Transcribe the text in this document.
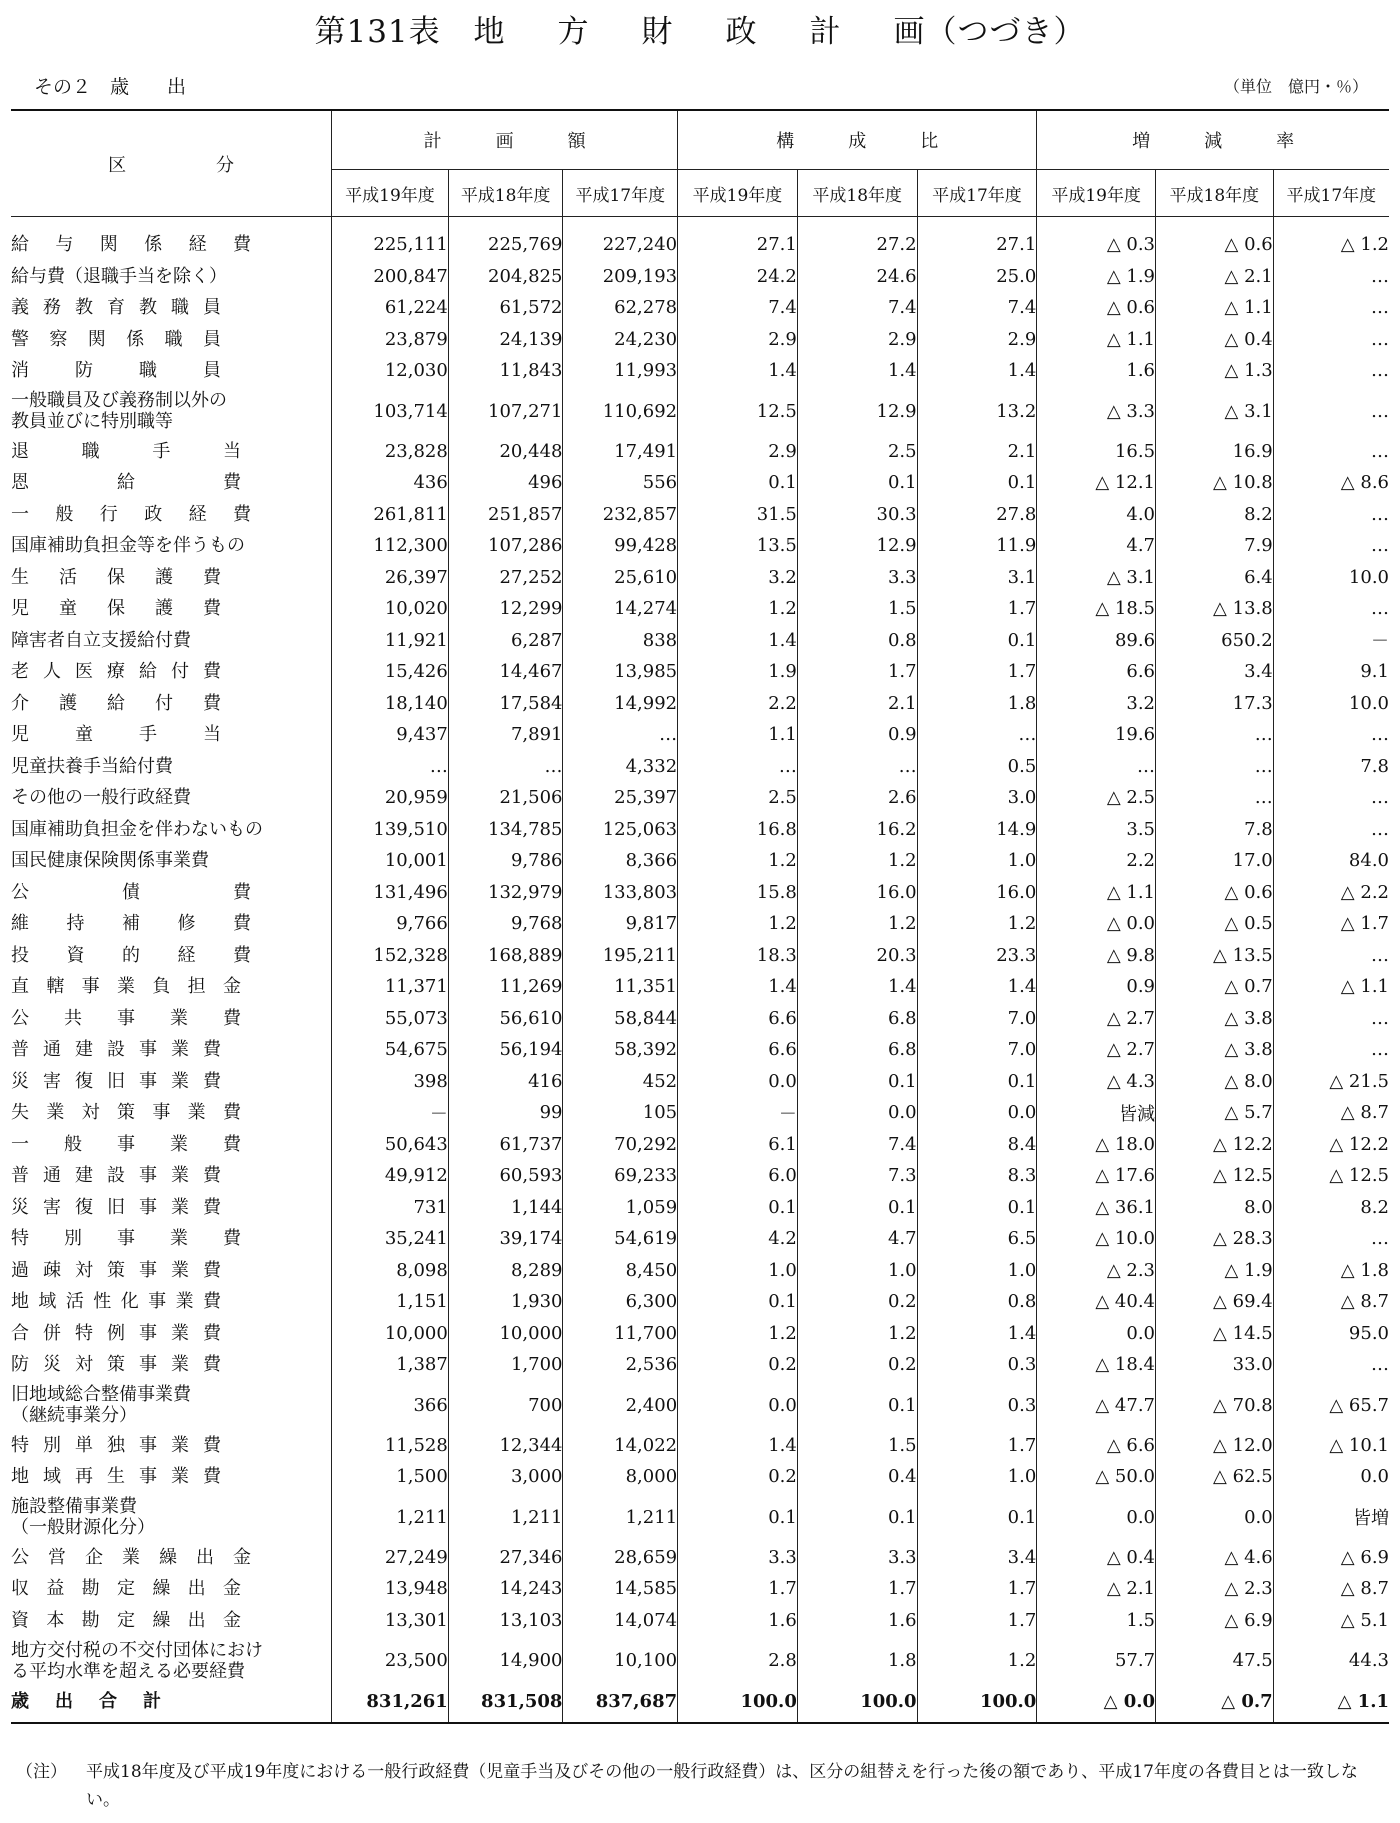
第131表 地 方 財 政 計 画（つづき）
その２　歳　　出	（単位　億円・％）
区　　　　　分	計　　　画　　　額			構　　　成　　　比			増　　　減　　　率		
	平成19年度	平成18年度	平成17年度	平成19年度	平成18年度	平成17年度	平成19年度	平成18年度	平成17年度

給与関係経費	225,111	225,769	227,240	27.1	27.2	27.1	△ 0.3	△ 0.6	△ 1.2

給与費（退職手当を除く）	200,847	204,825	209,193	24.2	24.6	25.0	△ 1.9	△ 2.1	…

義務教育教職員	61,224	61,572	62,278	7.4	7.4	7.4	△ 0.6	△ 1.1	…

警察関係職員	23,879	24,139	24,230	2.9	2.9	2.9	△ 1.1	△ 0.4	…

消防職員	12,030	11,843	11,993	1.4	1.4	1.4	1.6	△ 1.3	…

一般職員及び義務制以外の
教員並びに特別職等	103,714	107,271	110,692	12.5	12.9	13.2	△ 3.3	△ 3.1	…

退職手当	23,828	20,448	17,491	2.9	2.5	2.1	16.5	16.9	…

恩給費	436	496	556	0.1	0.1	0.1	△ 12.1	△ 10.8	△ 8.6

一般行政経費	261,811	251,857	232,857	31.5	30.3	27.8	4.0	8.2	…

国庫補助負担金等を伴うもの	112,300	107,286	99,428	13.5	12.9	11.9	4.7	7.9	…

生活保護費	26,397	27,252	25,610	3.2	3.3	3.1	△ 3.1	6.4	10.0

児童保護費	10,020	12,299	14,274	1.2	1.5	1.7	△ 18.5	△ 13.8	…

障害者自立支援給付費	11,921	6,287	838	1.4	0.8	0.1	89.6	650.2	－

老人医療給付費	15,426	14,467	13,985	1.9	1.7	1.7	6.6	3.4	9.1

介護給付費	18,140	17,584	14,992	2.2	2.1	1.8	3.2	17.3	10.0

児童手当	9,437	7,891	…	1.1	0.9	…	19.6	…	…

児童扶養手当給付費	…	…	4,332	…	…	0.5	…	…	7.8

その他の一般行政経費	20,959	21,506	25,397	2.5	2.6	3.0	△ 2.5	…	…

国庫補助負担金を伴わないもの	139,510	134,785	125,063	16.8	16.2	14.9	3.5	7.8	…

国民健康保険関係事業費	10,001	9,786	8,366	1.2	1.2	1.0	2.2	17.0	84.0

公債費	131,496	132,979	133,803	15.8	16.0	16.0	△ 1.1	△ 0.6	△ 2.2

維持補修費	9,766	9,768	9,817	1.2	1.2	1.2	△ 0.0	△ 0.5	△ 1.7

投資的経費	152,328	168,889	195,211	18.3	20.3	23.3	△ 9.8	△ 13.5	…

直轄事業負担金	11,371	11,269	11,351	1.4	1.4	1.4	0.9	△ 0.7	△ 1.1

公共事業費	55,073	56,610	58,844	6.6	6.8	7.0	△ 2.7	△ 3.8	…

普通建設事業費	54,675	56,194	58,392	6.6	6.8	7.0	△ 2.7	△ 3.8	…

災害復旧事業費	398	416	452	0.0	0.1	0.1	△ 4.3	△ 8.0	△ 21.5

失業対策事業費	－	99	105	－	0.0	0.0	皆減	△ 5.7	△ 8.7

一般事業費	50,643	61,737	70,292	6.1	7.4	8.4	△ 18.0	△ 12.2	△ 12.2

普通建設事業費	49,912	60,593	69,233	6.0	7.3	8.3	△ 17.6	△ 12.5	△ 12.5

災害復旧事業費	731	1,144	1,059	0.1	0.1	0.1	△ 36.1	8.0	8.2

特別事業費	35,241	39,174	54,619	4.2	4.7	6.5	△ 10.0	△ 28.3	…

過疎対策事業費	8,098	8,289	8,450	1.0	1.0	1.0	△ 2.3	△ 1.9	△ 1.8

地域活性化事業費	1,151	1,930	6,300	0.1	0.2	0.8	△ 40.4	△ 69.4	△ 8.7

合併特例事業費	10,000	10,000	11,700	1.2	1.2	1.4	0.0	△ 14.5	95.0

防災対策事業費	1,387	1,700	2,536	0.2	0.2	0.3	△ 18.4	33.0	…

旧地域総合整備事業費
（継続事業分）	366	700	2,400	0.0	0.1	0.3	△ 47.7	△ 70.8	△ 65.7

特別単独事業費	11,528	12,344	14,022	1.4	1.5	1.7	△ 6.6	△ 12.0	△ 10.1

地域再生事業費	1,500	3,000	8,000	0.2	0.4	1.0	△ 50.0	△ 62.5	0.0

施設整備事業費
（一般財源化分）	1,211	1,211	1,211	0.1	0.1	0.1	0.0	0.0	皆増

公営企業繰出金	27,249	27,346	28,659	3.3	3.3	3.4	△ 0.4	△ 4.6	△ 6.9

収益勘定繰出金	13,948	14,243	14,585	1.7	1.7	1.7	△ 2.1	△ 2.3	△ 8.7

資本勘定繰出金	13,301	13,103	14,074	1.6	1.6	1.7	1.5	△ 6.9	△ 5.1

地方交付税の不交付団体におけ
る平均水準を超える必要経費	23,500	14,900	10,100	2.8	1.8	1.2	57.7	47.5	44.3

歳出合計	831,261	831,508	837,687	100.0	100.0	100.0	△ 0.0	△ 0.7	△ 1.1
（注）	平成18年度及び平成19年度における一般行政経費（児童手当及びその他の一般行政経費）は、区分の組替えを行った後の額であり、平成17年度の各費目とは一致しない。
